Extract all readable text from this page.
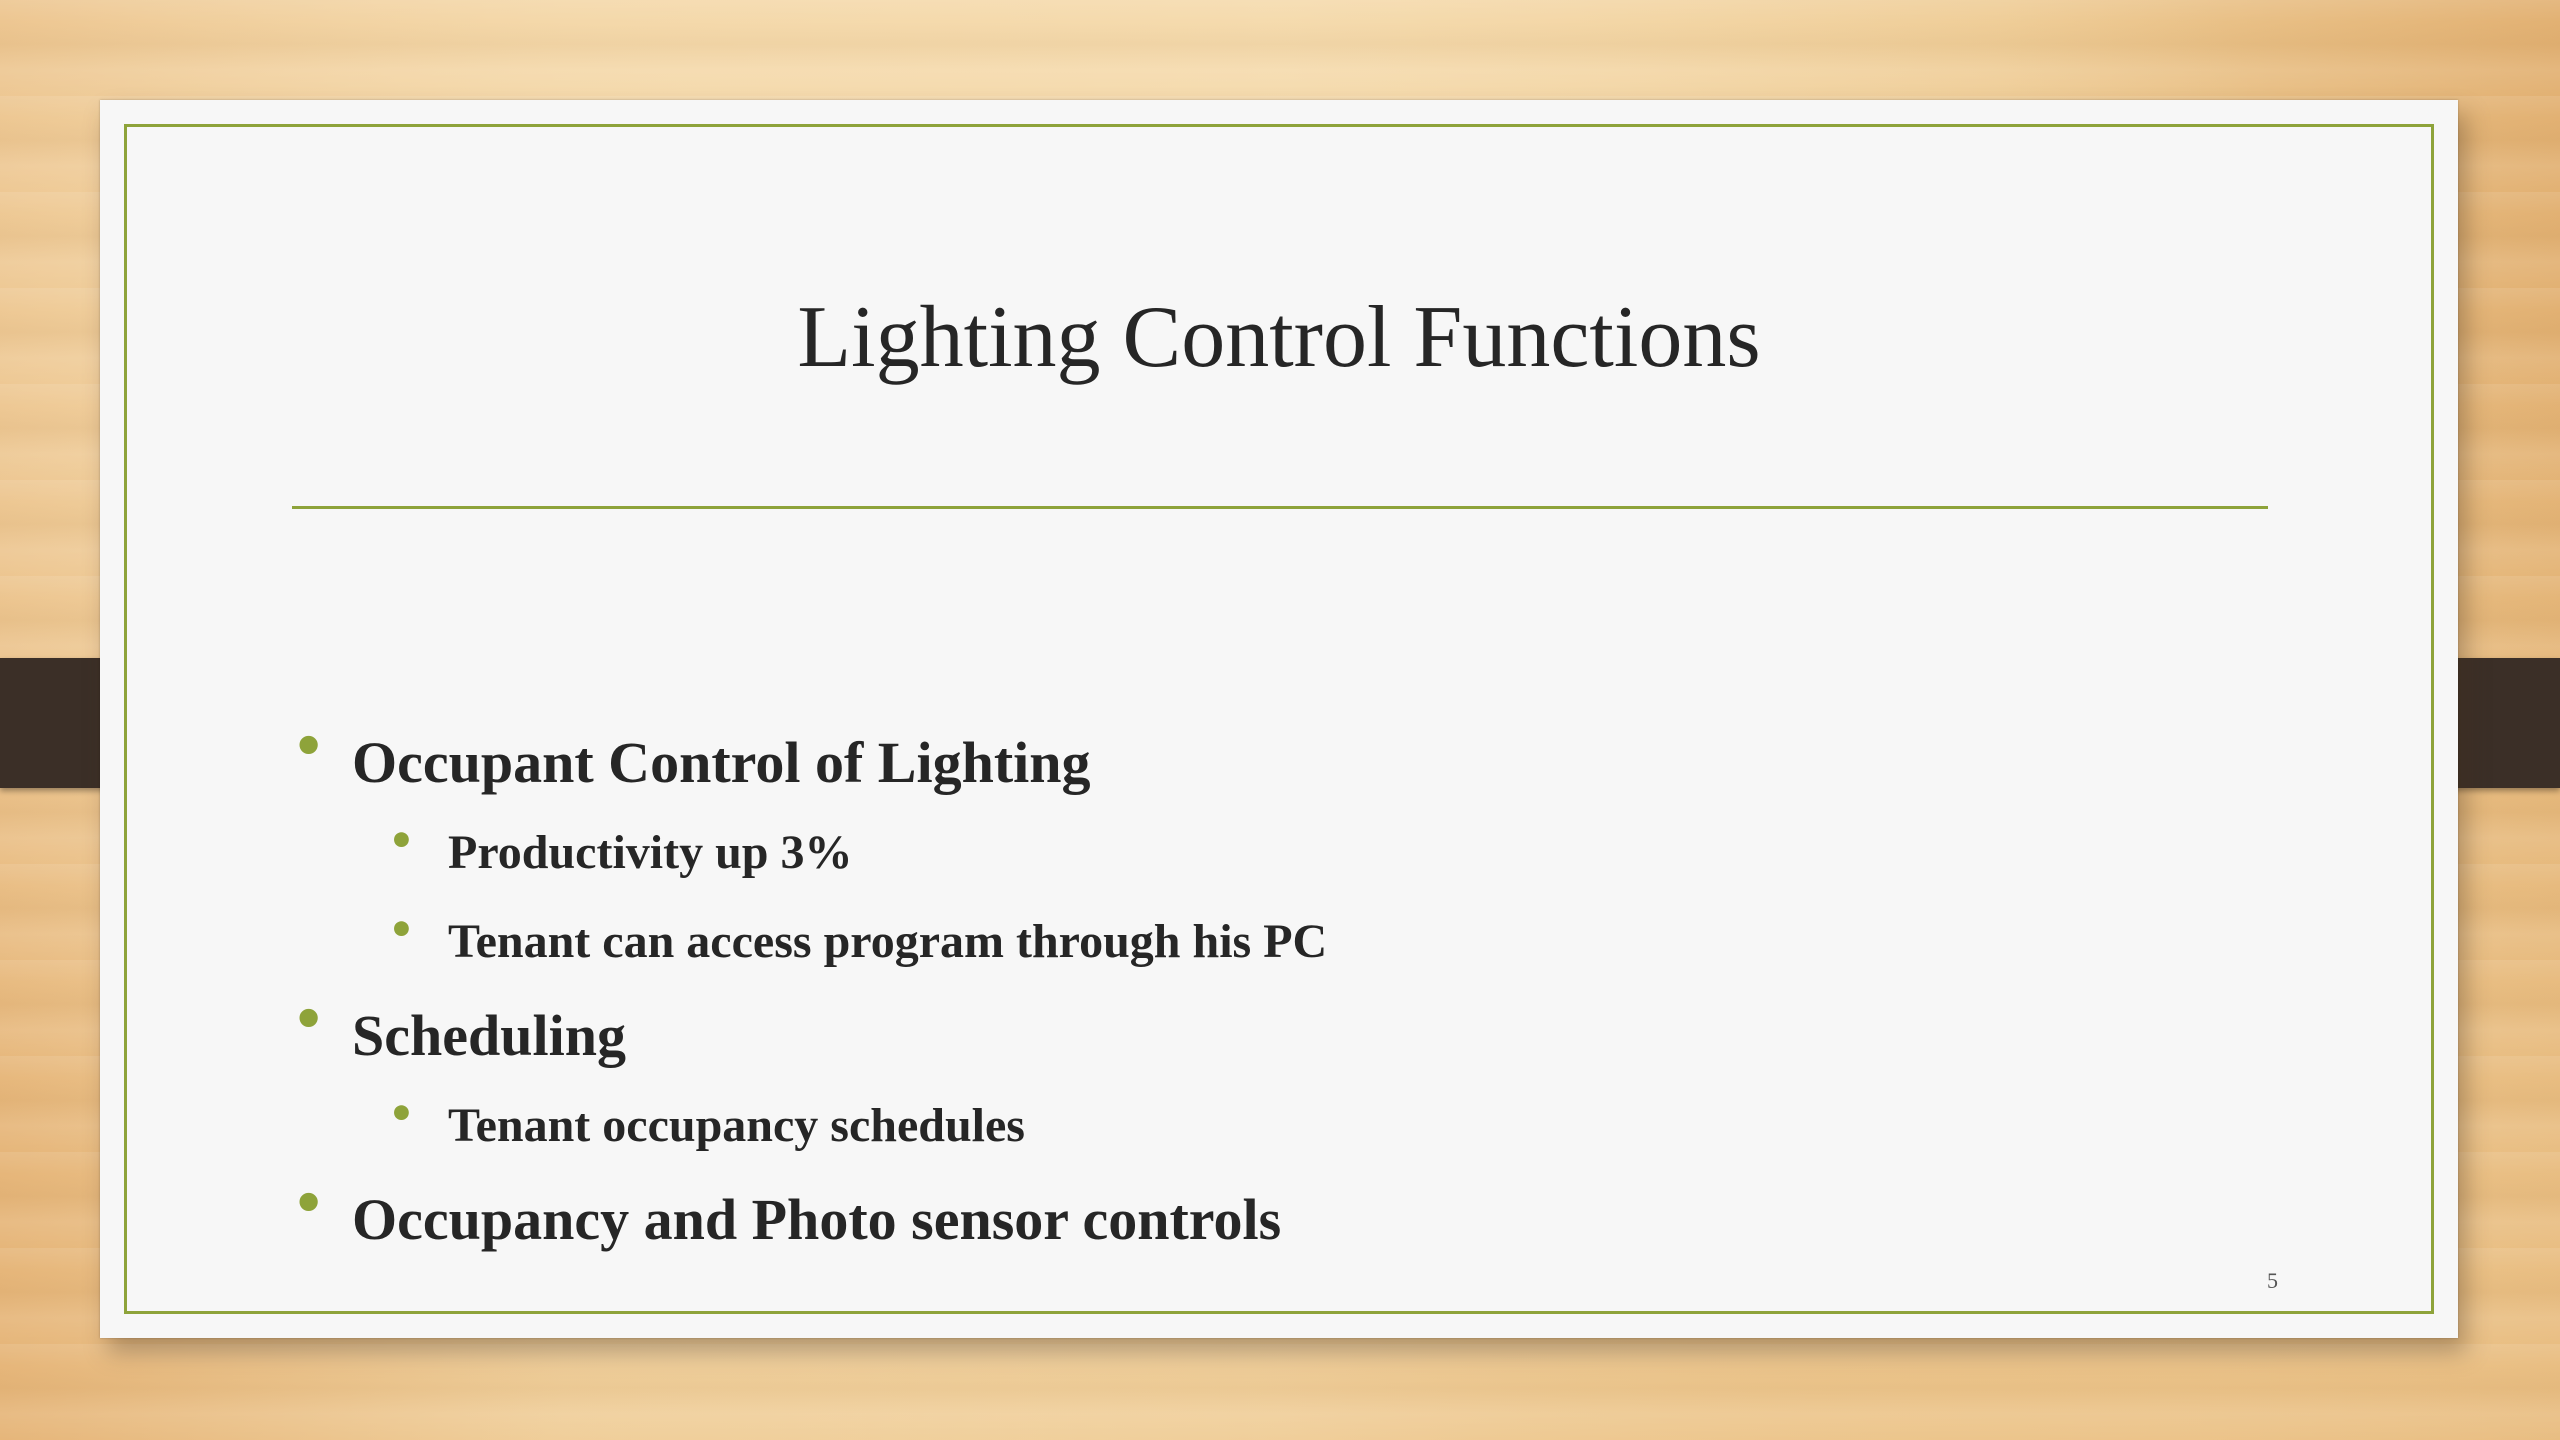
Lighting Control Functions
• Occupant Control of Lighting
• Productivity up 3%
• Tenant can access program through his PC
• Scheduling
• Tenant occupancy schedules
• Occupancy and Photo sensor controls
5
